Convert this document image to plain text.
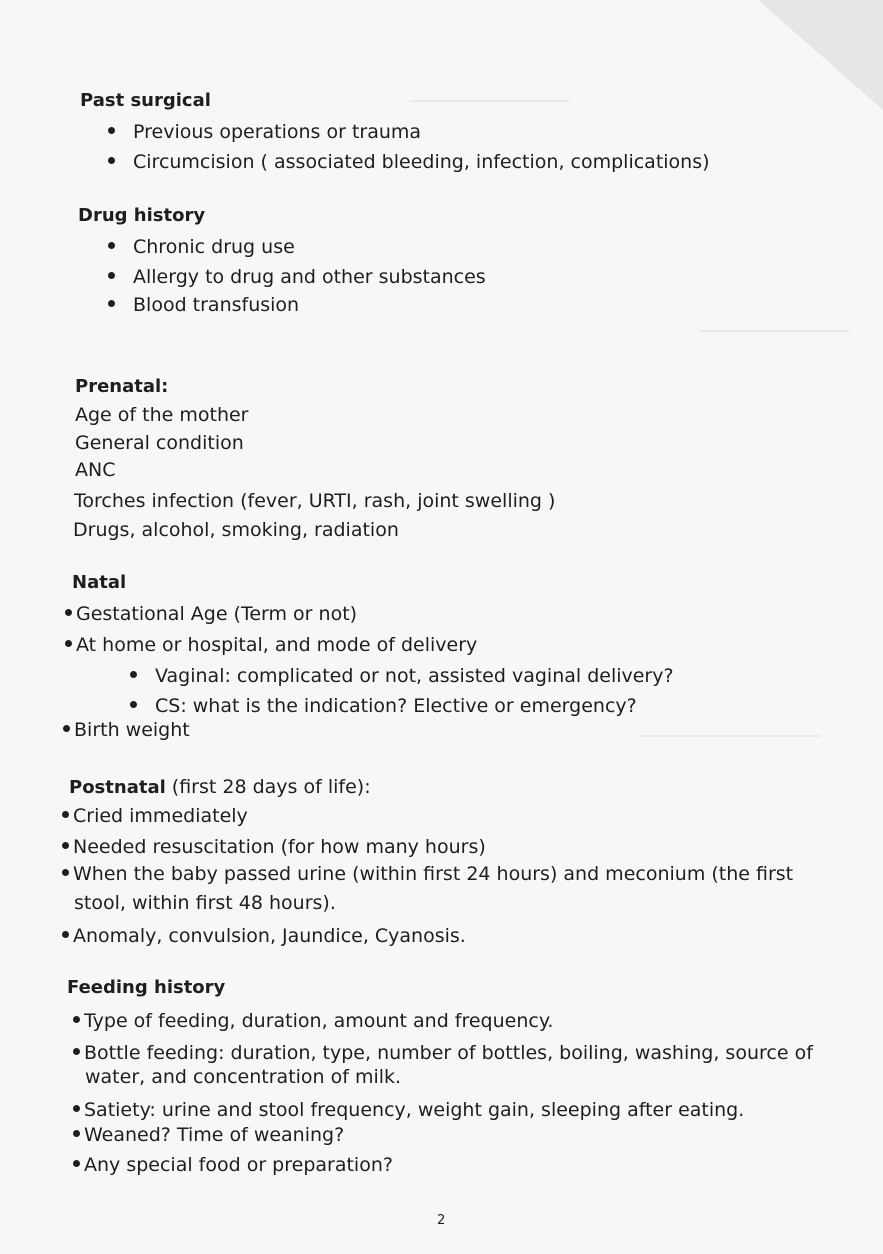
Past surgical
Previous operations or trauma
Circumcision ( associated bleeding, infection, complications)
Drug history
Chronic drug use
Allergy to drug and other substances
Blood transfusion
Prenatal:
Age of the mother
General condition
ANC
Torches infection (fever, URTI, rash, joint swelling )
Drugs, alcohol, smoking, radiation
Natal
Gestational Age (Term or not)
At home or hospital, and mode of delivery
Vaginal: complicated or not, assisted vaginal delivery?
CS: what is the indication? Elective or emergency?
Birth weight
Postnatal (first 28 days of life):
Cried immediately
Needed resuscitation (for how many hours)
When the baby passed urine (within first 24 hours) and meconium (the first
stool, within first 48 hours).
Anomaly, convulsion, Jaundice, Cyanosis.
Feeding history
Type of feeding, duration, amount and frequency.
Bottle feeding: duration, type, number of bottles, boiling, washing, source of
water, and concentration of milk.
Satiety: urine and stool frequency, weight gain, sleeping after eating.
Weaned? Time of weaning?
Any special food or preparation?
2
